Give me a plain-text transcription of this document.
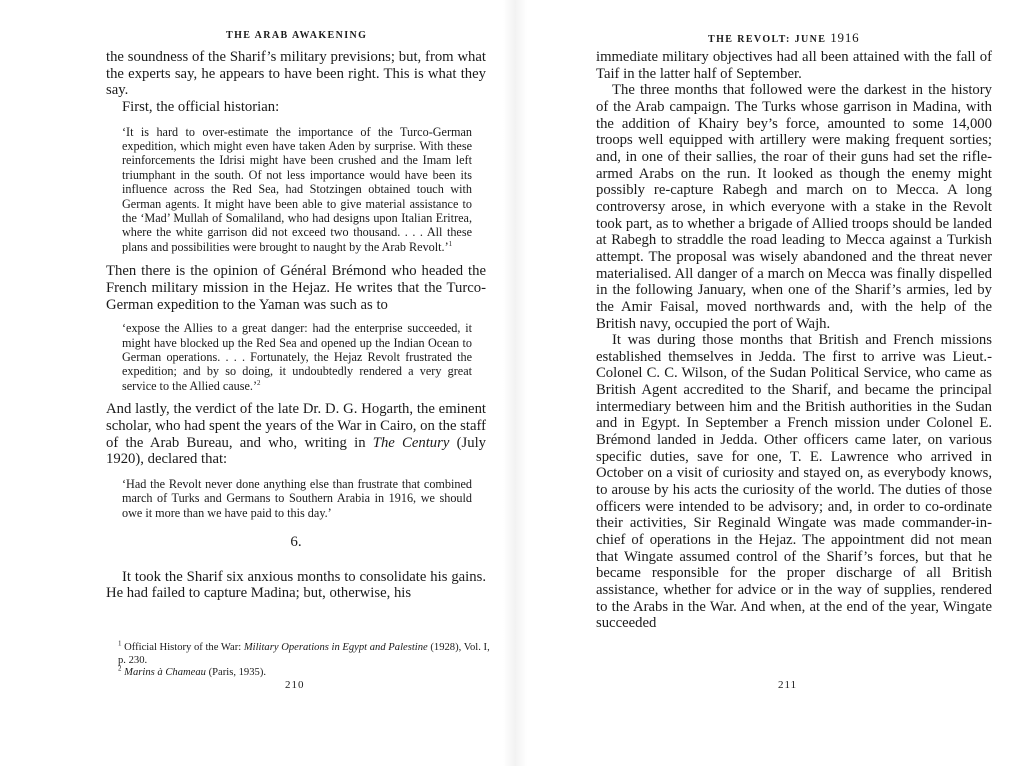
THE ARAB AWAKENING

the soundness of the Sharif’s military previsions; but, from what the experts say, he appears to have been right. This is what they say.

First, the official historian:

‘It is hard to over-estimate the importance of the Turco-German expedition, which might even have taken Aden by surprise. With these reinforcements the Idrisi might have been crushed and the Imam left triumphant in the south. Of not less importance would have been its influence across the Red Sea, had Stotzingen obtained touch with German agents. It might have been able to give material assistance to the ‘Mad’ Mullah of Somaliland, who had designs upon Italian Eritrea, where the white garrison did not exceed two thousand. . . . All these plans and possibilities were brought to naught by the Arab Revolt.’$^1$

Then there is the opinion of Général Brémond who headed the French military mission in the Hejaz. He writes that the Turco-German expedition to the Yaman was such as to

‘expose the Allies to a great danger: had the enterprise succeeded, it might have blocked up the Red Sea and opened up the Indian Ocean to German operations. . . . Fortunately, the Hejaz Revolt frustrated the expedition; and by so doing, it undoubtedly rendered a very great service to the Allied cause.’$^2$

And lastly, the verdict of the late Dr. D. G. Hogarth, the eminent scholar, who had spent the years of the War in Cairo, on the staff of the Arab Bureau, and who, writing in The Century (July 1920), declared that:

‘Had the Revolt never done anything else than frustrate that combined march of Turks and Germans to Southern Arabia in 1916, we should owe it more than we have paid to this day.’
6.

It took the Sharif six anxious months to consolidate his gains. He had failed to capture Madina; but, otherwise, his

$^1$ Official History of the War: Military Operations in Egypt and Palestine (1928), Vol. I, p. 230.

$^2$ Marins à Chameau (Paris, 1935).

210
THE REVOLT: JUNE 1916

immediate military objectives had all been attained with the fall of Taif in the latter half of September.

The three months that followed were the darkest in the history of the Arab campaign. The Turks whose garrison in Madina, with the addition of Khairy bey’s force, amounted to some 14,000 troops well equipped with artillery were making frequent sorties; and, in one of their sallies, the roar of their guns had set the rifle-armed Arabs on the run. It looked as though the enemy might possibly re-capture Rabegh and march on to Mecca. A long controversy arose, in which everyone with a stake in the Revolt took part, as to whether a brigade of Allied troops should be landed at Rabegh to straddle the road leading to Mecca against a Turkish attempt. The proposal was wisely abandoned and the threat never materialised. All danger of a march on Mecca was finally dispelled in the following January, when one of the Sharif’s armies, led by the Amir Faisal, moved northwards and, with the help of the British navy, occupied the port of Wajh.

It was during those months that British and French missions established themselves in Jedda. The first to arrive was Lieut.-Colonel C. C. Wilson, of the Sudan Political Service, who came as British Agent accredited to the Sharif, and became the principal intermediary between him and the British authorities in the Sudan and in Egypt. In September a French mission under Colonel E. Brémond landed in Jedda. Other officers came later, on various specific duties, save for one, T. E. Lawrence who arrived in October on a visit of curiosity and stayed on, as everybody knows, to arouse by his acts the curiosity of the world. The duties of those officers were intended to be advisory; and, in order to co-ordinate their activities, Sir Reginald Wingate was made commander-in-chief of operations in the Hejaz. The appointment did not mean that Wingate assumed control of the Sharif’s forces, but that he became responsible for the proper discharge of all British assistance, whether for advice or in the way of supplies, rendered to the Arabs in the War. And when, at the end of the year, Wingate succeeded

211
